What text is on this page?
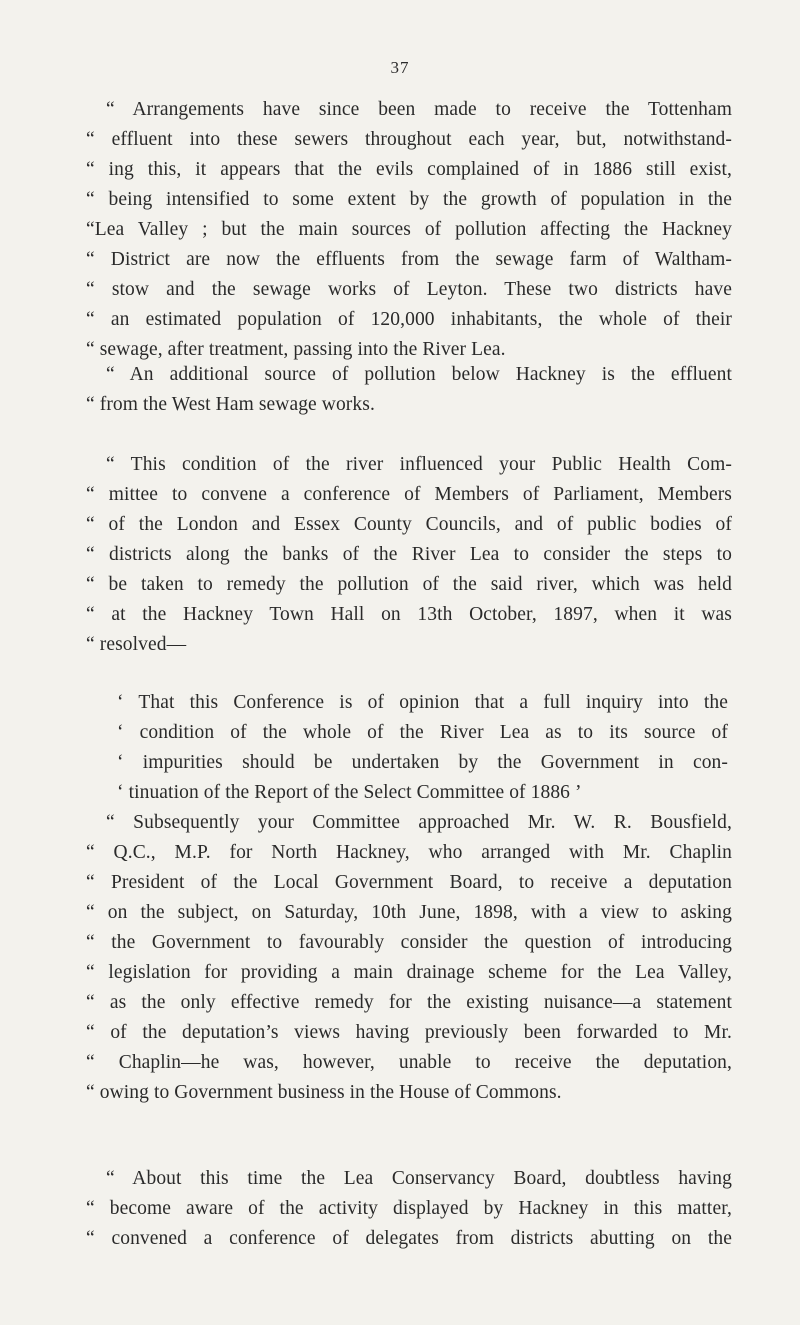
37
“ Arrangements have since been made to receive the Tottenham
“ effluent into these sewers throughout each year, but, notwithstand-
“ ing this, it appears that the evils complained of in 1886 still exist,
“ being intensified to some extent by the growth of population in the
“Lea Valley ; but the main sources of pollution affecting the Hackney
“ District are now the effluents from the sewage farm of Waltham-
“ stow and the sewage works of Leyton. These two districts have
“ an estimated population of 120,000 inhabitants, the whole of their
“ sewage, after treatment, passing into the River Lea.
“ An additional source of pollution below Hackney is the effluent
“ from the West Ham sewage works.
“ This condition of the river influenced your Public Health Com-
“ mittee to convene a conference of Members of Parliament, Members
“ of the London and Essex County Councils, and of public bodies of
“ districts along the banks of the River Lea to consider the steps to
“ be taken to remedy the pollution of the said river, which was held
“ at the Hackney Town Hall on 13th October, 1897, when it was
“ resolved—
‘ That this Conference is of opinion that a full inquiry into the
‘ condition of the whole of the River Lea as to its source of
‘ impurities should be undertaken by the Government in con-
‘ tinuation of the Report of the Select Committee of 1886 ’
“ Subsequently your Committee approached Mr. W. R. Bousfield,
“ Q.C., M.P. for North Hackney, who arranged with Mr. Chaplin
“ President of the Local Government Board, to receive a deputation
“ on the subject, on Saturday, 10th June, 1898, with a view to asking
“ the Government to favourably consider the question of introducing
“ legislation for providing a main drainage scheme for the Lea Valley,
“ as the only effective remedy for the existing nuisance—a statement
“ of the deputation’s views having previously been forwarded to Mr.
“ Chaplin—he was, however, unable to receive the deputation,
“ owing to Government business in the House of Commons.
“ About this time the Lea Conservancy Board, doubtless having
“ become aware of the activity displayed by Hackney in this matter,
“ convened a conference of delegates from districts abutting on the
